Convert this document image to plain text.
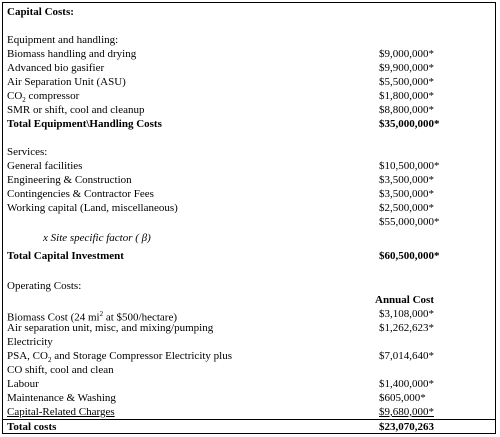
Capital Costs:
Equipment and handling:
Biomass handling and drying	$9,000,000*
Advanced bio gasifier	$9,900,000*
Air Separation Unit (ASU)	$5,500,000*
$CO_2$ compressor	$1,800,000*
SMR or shift, cool and cleanup	$8,800,000*
Total Equipment\Handling Costs	$35,000,000*
Services:
General facilities	$10,500,000*
Engineering & Construction	$3,500,000*
Contingencies & Contractor Fees	$3,500,000*
Working capital (Land, miscellaneous)	$2,500,000*
$55,000,000*
x Site specific factor ( β)
Total Capital Investment	$60,500,000*
Operating Costs:
Annual Cost
Biomass Cost (24 $mi^2$ at $500/hectare)	$3,108,000*
Air separation unit, misc, and mixing/pumping	$1,262,623*
Electricity
PSA, $CO_2$ and Storage Compressor Electricity plus	$7,014,640*
CO shift, cool and clean
Labour	$1,400,000*
Maintenance & Washing	$605,000*
Capital-Related Charges	$9,680,000*
Total costs	$23,070,263
